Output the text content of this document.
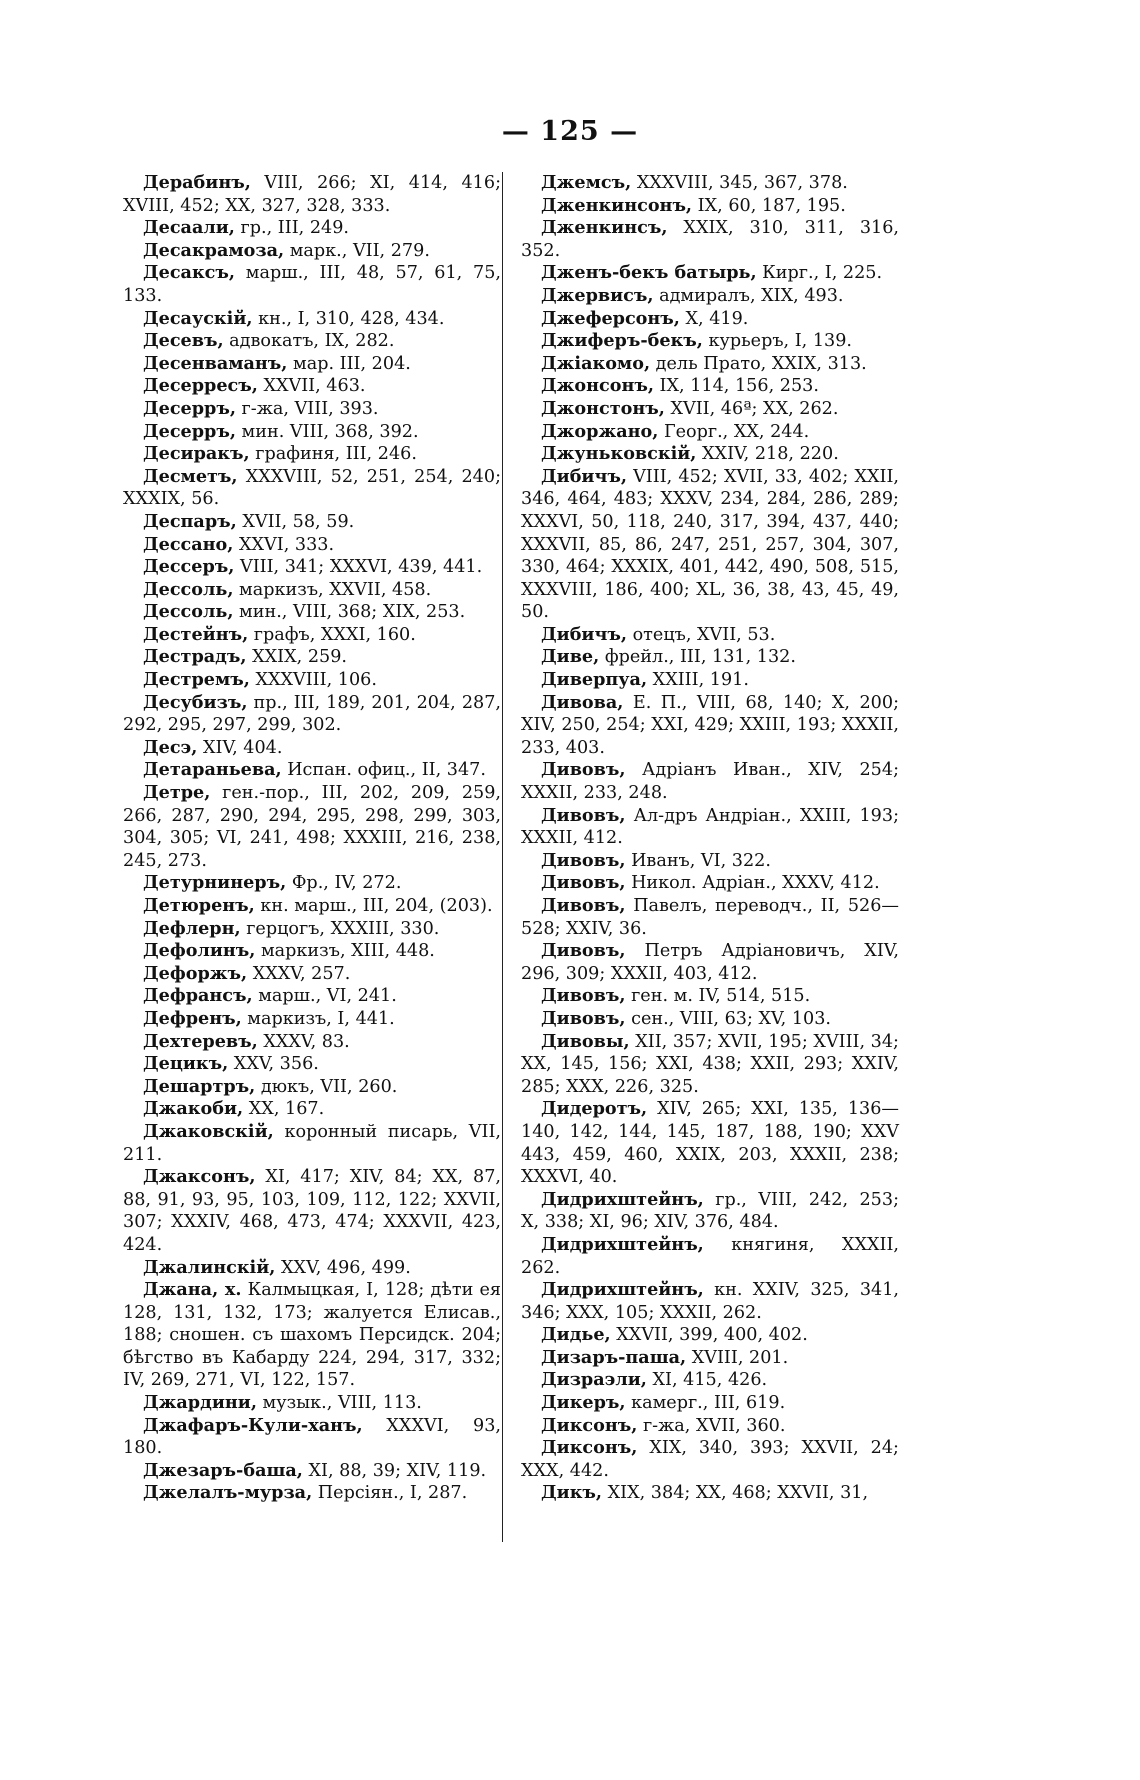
— 125 —

Дерабинъ, VIII, 266; XI, 414, 416; XVIII, 452; XX, 327, 328, 333.

Десаали, гр., III, 249.

Десакрамоза, марк., VII, 279.

Десаксъ, марш., III, 48, 57, 61, 75, 133.

Десаускій, кн., I, 310, 428, 434.

Десевъ, адвокатъ, IX, 282.

Десенваманъ, мар. III, 204.

Десерресъ, XXVII, 463.

Десерръ, г-жа, VIII, 393.

Десерръ, мин. VIII, 368, 392.

Десиракъ, графиня, III, 246.

Десметъ, XXXVIII, 52, 251, 254, 240; XXXIX, 56.

Деспаръ, XVII, 58, 59.

Дессано, XXVI, 333.

Дессеръ, VIII, 341; XXXVI, 439, 441.

Дессоль, маркизъ, XXVII, 458.

Дессоль, мин., VIII, 368; XIX, 253.

Дестейнъ, графъ, XXXI, 160.

Дестрадъ, XXIX, 259.

Дестремъ, XXXVIII, 106.

Десубизъ, пр., III, 189, 201, 204, 287, 292, 295, 297, 299, 302.

Десэ, XIV, 404.

Детараньева, Испан. офиц., II, 347.

Детре, ген.-пор., III, 202, 209, 259, 266, 287, 290, 294, 295, 298, 299, 303, 304, 305; VI, 241, 498; XXXIII, 216, 238, 245, 273.

Детурнинеръ, Фр., IV, 272.

Детюренъ, кн. марш., III, 204, (203).

Дефлерн, герцогъ, XXXIII, 330.

Дефолинъ, маркизъ, XIII, 448.

Дефоржъ, XXXV, 257.

Дефрансъ, марш., VI, 241.

Дефренъ, маркизъ, I, 441.

Дехтеревъ, XXXV, 83.

Децикъ, XXV, 356.

Дешартръ, дюкъ, VII, 260.

Джакоби, XX, 167.

Джаковскій, коронный писарь, VII, 211.

Джаксонъ, XI, 417; XIV, 84; XX, 87, 88, 91, 93, 95, 103, 109, 112, 122; XXVII, 307; XXXIV, 468, 473, 474; XXXVII, 423, 424.

Джалинскій, XXV, 496, 499.

Джана, х. Калмыцкая, I, 128; дѣти ея 128, 131, 132, 173; жалуется Елисав., 188; сношен. съ шахомъ Персидск. 204; бѣгство въ Кабарду 224, 294, 317, 332; IV, 269, 271, VI, 122, 157.

Джардини, музык., VIII, 113.

Джафаръ-Кули-ханъ, XXXVI, 93, 180.

Джезаръ-баша, XI, 88, 39; XIV, 119.

Джелалъ-мурза, Персіян., I, 287.

Джемсъ, XXXVIII, 345, 367, 378.

Дженкинсонъ, IX, 60, 187, 195.

Дженкинсъ, XXIX, 310, 311, 316, 352.

Дженъ-бекъ батырь, Кирг., I, 225.

Джервисъ, адмиралъ, XIX, 493.

Джеферсонъ, X, 419.

Джиферъ-бекъ, курьеръ, I, 139.

Джіакомо, дель Прато, XXIX, 313.

Джонсонъ, IX, 114, 156, 253.

Джонстонъ, XVII, 46ª; XX, 262.

Джоржано, Георг., XX, 244.

Джуньковскій, XXIV, 218, 220.

Дибичъ, VIII, 452; XVII, 33, 402; XXII, 346, 464, 483; XXXV, 234, 284, 286, 289; XXXVI, 50, 118, 240, 317, 394, 437, 440; XXXVII, 85, 86, 247, 251, 257, 304, 307, 330, 464; XXXIX, 401, 442, 490, 508, 515, XXXVIII, 186, 400; XL, 36, 38, 43, 45, 49, 50.

Дибичъ, отецъ, XVII, 53.

Диве, фрейл., III, 131, 132.

Диверпуа, XXIII, 191.

Дивова, Е. П., VIII, 68, 140; X, 200; XIV, 250, 254; XXI, 429; XXIII, 193; XXXII, 233, 403.

Дивовъ, Адріанъ Иван., XIV, 254; XXXII, 233, 248.

Дивовъ, Ал-дръ Андріан., XXIII, 193; XXXII, 412.

Дивовъ, Иванъ, VI, 322.

Дивовъ, Никол. Адріан., XXXV, 412.

Дивовъ, Павелъ, переводч., II, 526—528; XXIV, 36.

Дивовъ, Петръ Адріановичъ, XIV, 296, 309; XXXII, 403, 412.

Дивовъ, ген. м. IV, 514, 515.

Дивовъ, сен., VIII, 63; XV, 103.

Дивовы, XII, 357; XVII, 195; XVIII, 34; XX, 145, 156; XXI, 438; XXII, 293; XXIV, 285; XXX, 226, 325.

Дидеротъ, XIV, 265; XXI, 135, 136—140, 142, 144, 145, 187, 188, 190; XXV 443, 459, 460, XXIX, 203, XXXII, 238; XXXVI, 40.

Дидрихштейнъ, гр., VIII, 242, 253; X, 338; XI, 96; XIV, 376, 484.

Дидрихштейнъ, княгиня, XXXII, 262.

Дидрихштейнъ, кн. XXIV, 325, 341, 346; XXX, 105; XXXII, 262.

Дидье, XXVII, 399, 400, 402.

Дизаръ-паша, XVIII, 201.

Дизраэли, XI, 415, 426.

Дикеръ, камерг., III, 619.

Диксонъ, г-жа, XVII, 360.

Диксонъ, XIX, 340, 393; XXVII, 24; XXX, 442.

Дикъ, XIX, 384; XX, 468; XXVII, 31,
